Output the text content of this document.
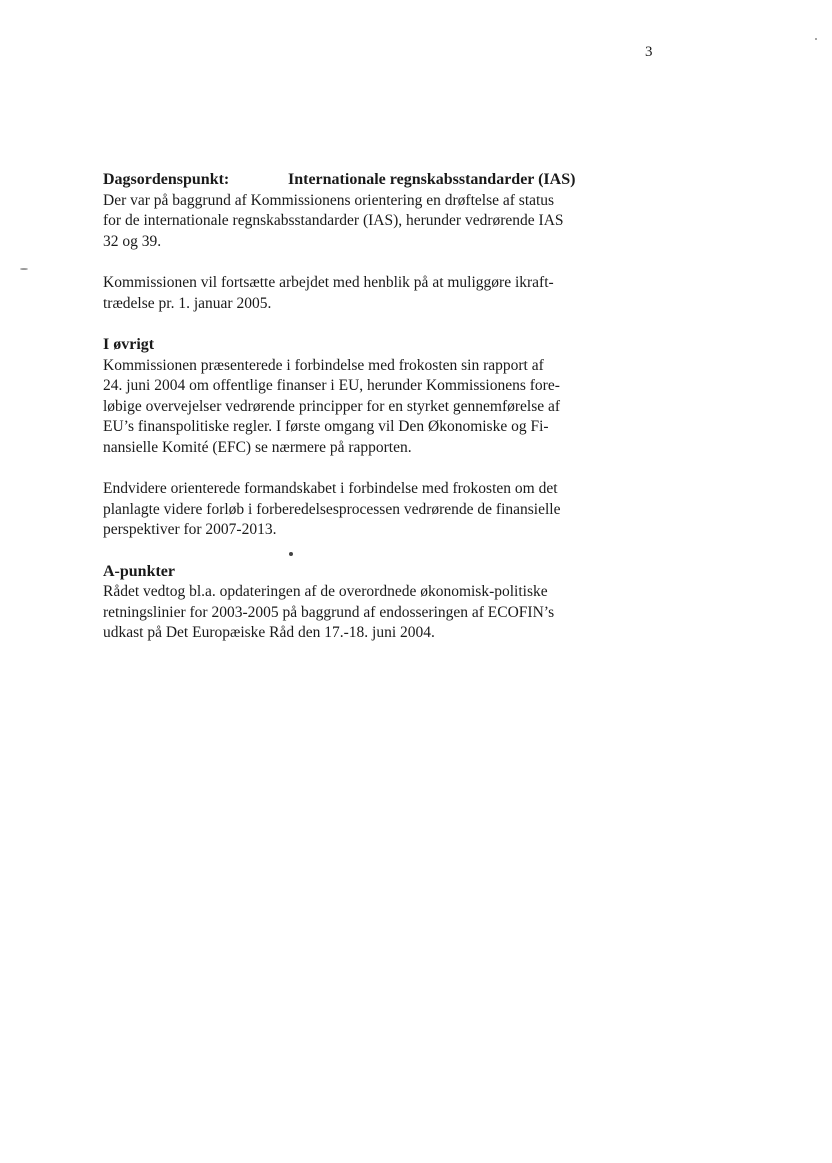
3
Dagsordenspunkt:	Internationale regnskabsstandarder (IAS)

Der var på baggrund af Kommissionens orientering en drøftelse af status
for de internationale regnskabsstandarder (IAS), herunder vedrørende IAS
32 og 39.

Kommissionen vil fortsætte arbejdet med henblik på at muliggøre ikraft-
trædelse pr. 1. januar 2005.

I øvrigt

Kommissionen præsenterede i forbindelse med frokosten sin rapport af
24. juni 2004 om offentlige finanser i EU, herunder Kommissionens fore-
løbige overvejelser vedrørende principper for en styrket gennemførelse af
EU’s finanspolitiske regler. I første omgang vil Den Økonomiske og Fi-
nansielle Komité (EFC) se nærmere på rapporten.

Endvidere orienterede formandskabet i forbindelse med frokosten om det
planlagte videre forløb i forberedelsesprocessen vedrørende de finansielle
perspektiver for 2007-2013.

A-punkter

Rådet vedtog bl.a. opdateringen af de overordnede økonomisk-politiske
retningslinier for 2003-2005 på baggrund af endosseringen af ECOFIN’s
udkast på Det Europæiske Råd den 17.-18. juni 2004.
